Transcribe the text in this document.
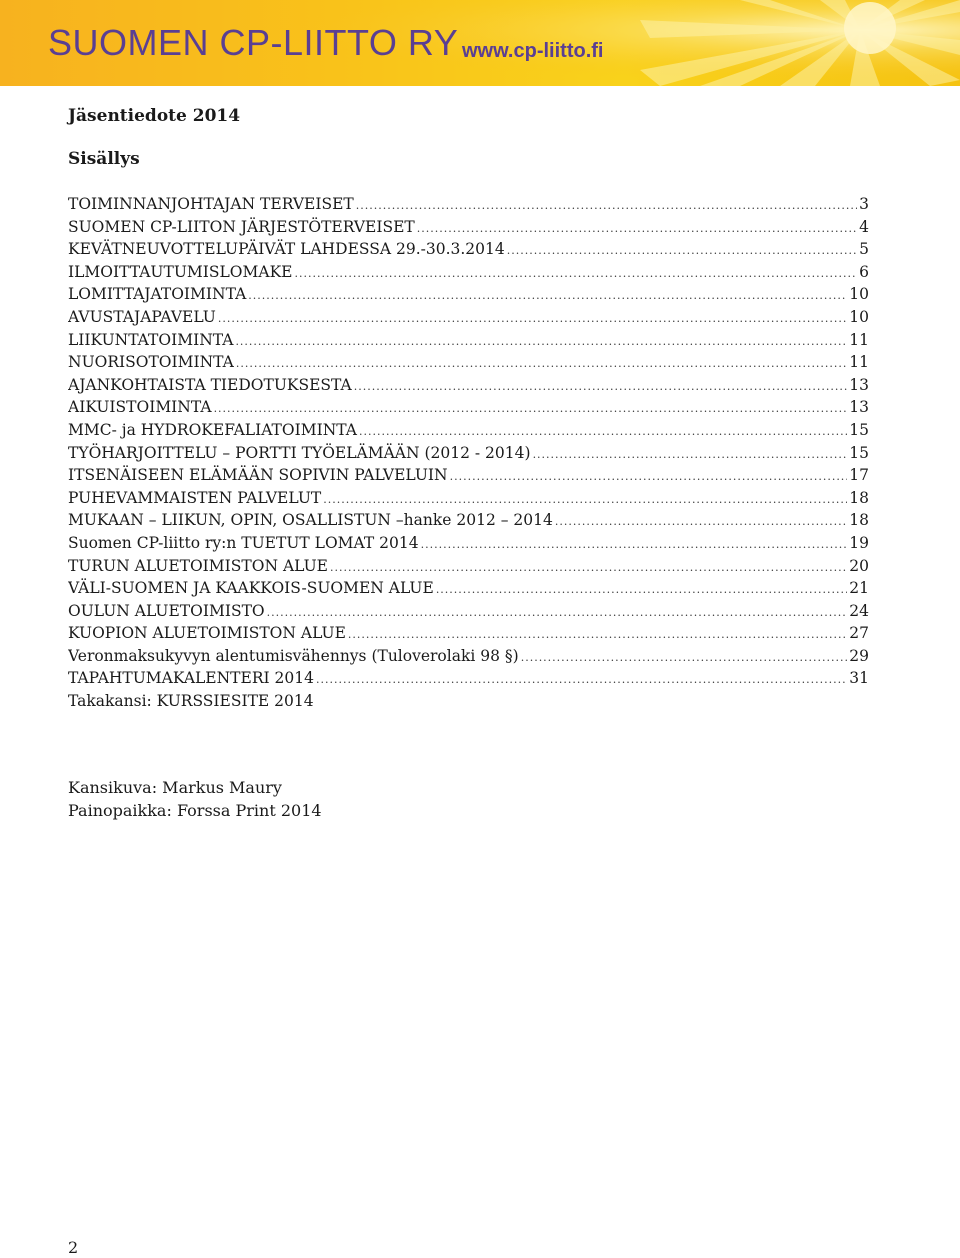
SUOMEN CP-LIITTO RY www.cp-liitto.fi
Jäsentiedote 2014
Sisällys
TOIMINNANJOHTAJAN TERVEISET .....	3
SUOMEN CP-LIITON JÄRJESTÖTERVEISET .....	4
KEVÄTNEUVOTTELUPÄIVÄT LAHDESSA 29.-30.3.2014 .....	5
ILMOITTAUTUMISLOMAKE .....	6
LOMITTAJATOIMINTA .....	10
AVUSTAJAPAVELU .....	10
LIIKUNTATOIMINTA .....	11
NUORISOTOIMINTA .....	11
AJANKOHTAISTA TIEDOTUKSESTA .....	13
AIKUISTOIMINTA .....	13
MMC- ja HYDROKEFALIATOIMINTA .....	15
TYÖHARJOITTELU – PORTTI TYÖELÄMÄÄN (2012 - 2014) .....	15
ITSENÄISEEN ELÄMÄÄN SOPIVIN PALVELUIN .....	17
PUHEVAMMAISTEN PALVELUT .....	18
MUKAAN – LIIKUN, OPIN, OSALLISTUN –hanke 2012 – 2014 .....	18
Suomen CP-liitto ry:n TUETUT LOMAT 2014 .....	19
TURUN ALUETOIMISTON ALUE .....	20
VÄLI-SUOMEN JA KAAKKOIS-SUOMEN ALUE .....	21
OULUN ALUETOIMISTO .....	24
KUOPION ALUETOIMISTON ALUE .....	27
Veronmaksukyvyn alentumisvähennys (Tuloverolaki 98 §) .....	29
TAPAHTUMAKALENTERI 2014 .....	31
Takakansi: KURSSIESITE 2014
Kansikuva: Markus Maury
Painopaikka: Forssa Print 2014
2
